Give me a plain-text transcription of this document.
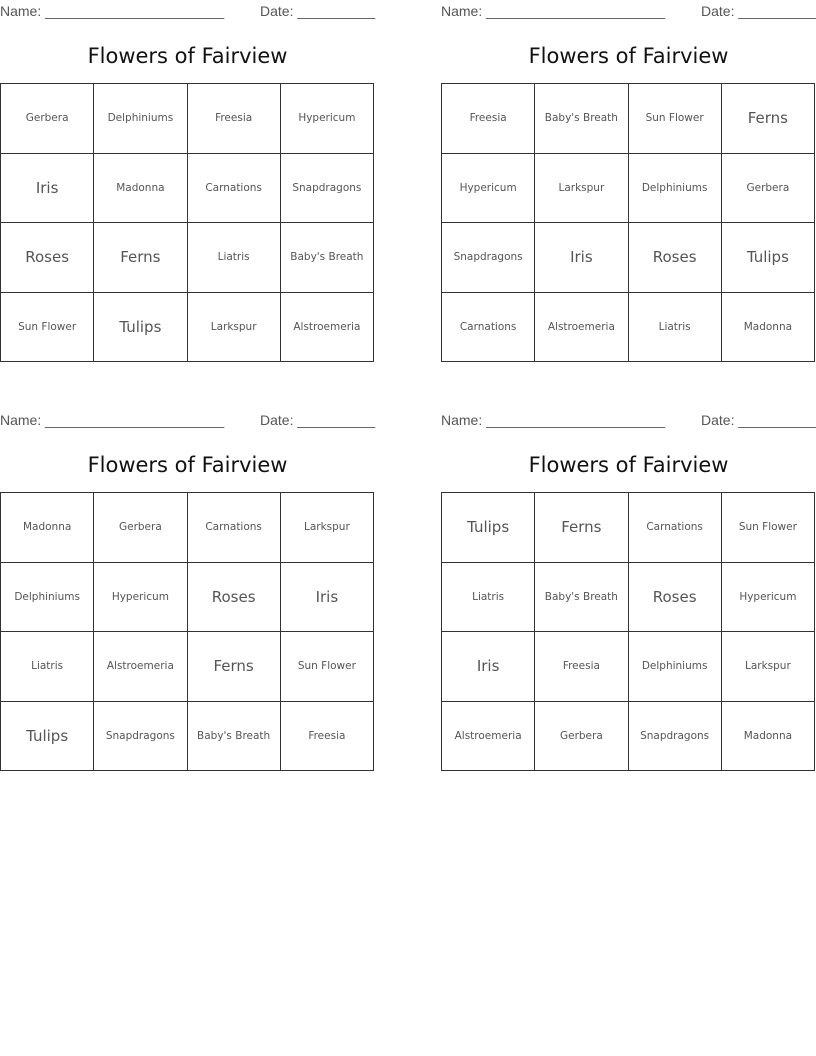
Name: _______________________	Date: __________
Flowers of Fairview
Gerbera	Delphiniums	Freesia	Hypericum
Iris	Madonna	Carnations	Snapdragons
Roses	Ferns	Liatris	Baby's Breath
Sun Flower	Tulips	Larkspur	Alstroemeria
Name: _______________________	Date: __________
Flowers of Fairview
Freesia	Baby's Breath	Sun Flower	Ferns
Hypericum	Larkspur	Delphiniums	Gerbera
Snapdragons	Iris	Roses	Tulips
Carnations	Alstroemeria	Liatris	Madonna
Name: _______________________	Date: __________
Flowers of Fairview
Madonna	Gerbera	Carnations	Larkspur
Delphiniums	Hypericum	Roses	Iris
Liatris	Alstroemeria	Ferns	Sun Flower
Tulips	Snapdragons	Baby's Breath	Freesia
Name: _______________________	Date: __________
Flowers of Fairview
Tulips	Ferns	Carnations	Sun Flower
Liatris	Baby's Breath	Roses	Hypericum
Iris	Freesia	Delphiniums	Larkspur
Alstroemeria	Gerbera	Snapdragons	Madonna
